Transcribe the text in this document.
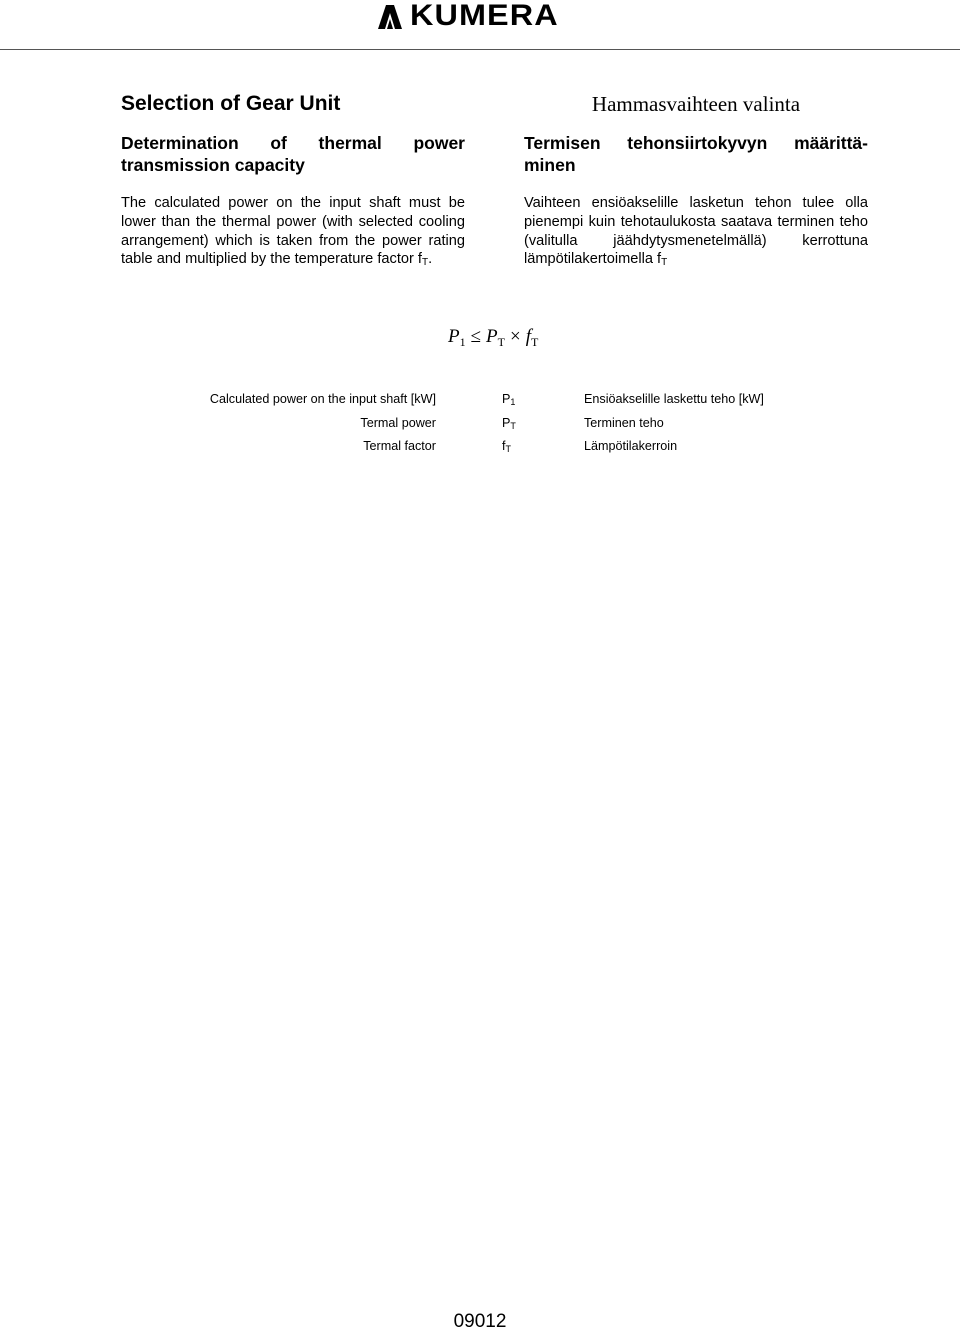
KUMERA
Selection of Gear Unit
Determination of thermal power
transmission capacity

The calculated power on the input shaft must be lower than the thermal power (with selected cooling arrangement) which is taken from the power rating table and multiplied by the temperature factor $f_T$.

Hammasvaihteen valinta
Termisen tehonsiirtokyvyn määrittä-
minen

Vaihteen ensiöakselille lasketun tehon tulee olla pienempi kuin tehotaulukosta saatava terminen teho (valitulla jäähdytysmenetelmällä) kerrottuna lämpötilakertoimella $f_T$

$P_1 \le P_T \times f_T$
Calculated power on the input shaft [kW]	$P_1$	Ensiöakselille laskettu teho [kW]
Termal power	$P_T$	Terminen teho
Termal factor	$f_T$	Lämpötilakerroin
09012
